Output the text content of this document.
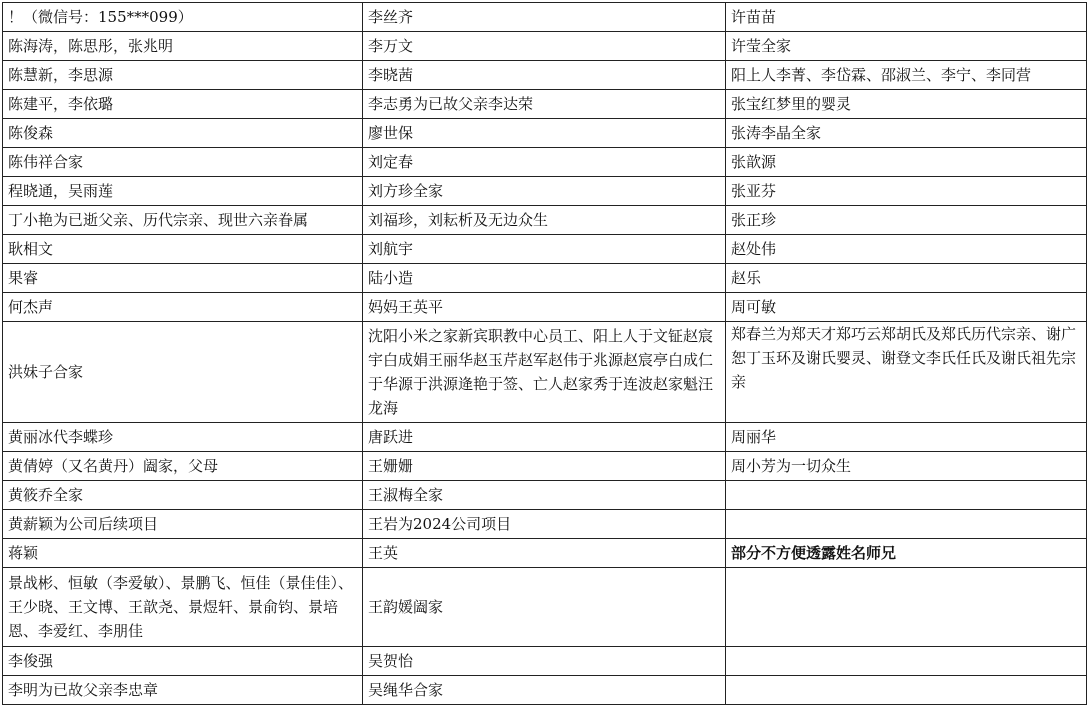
！（微信号：155***099）	李丝齐	许苗苗
陈海涛，陈思彤，张兆明	李万文	许莹全家
陈慧新，李思源	李晓茜	阳上人李菁、李岱霖、邵淑兰、李宁、李同营
陈建平，李依璐	李志勇为已故父亲李达荣	张宝红梦里的婴灵
陈俊森	廖世保	张涛李晶全家
陈伟祥合家	刘定春	张歆源
程晓通，吴雨莲	刘方珍全家	张亚芬
丁小艳为已逝父亲、历代宗亲、现世六亲眷属	刘福珍，刘耘析及无边众生	张正珍
耿相文	刘航宇	赵处伟
果睿	陆小造	赵乐
何杰声	妈妈王英平	周可敏
洪妹子合家	沈阳小米之家新宾职教中心员工、阳上人于文钲赵宸宇白成娟王丽华赵玉芹赵军赵伟于兆源赵宸亭白成仁于华源于洪源逄艳于签、亡人赵家秀于连波赵家魁汪龙海	郑春兰为郑天才郑巧云郑胡氏及郑氏历代宗亲、谢广恕丁玉环及谢氏婴灵、谢登文李氏任氏及谢氏祖先宗亲
黄丽冰代李蝶珍	唐跃进	周丽华
黄倩婷（又名黄丹）阖家，父母	王姗姗	周小芳为一切众生
黄筱乔全家	王淑梅全家	
黄薪颖为公司后续项目	王岩为2024公司项目	
蒋颖	王英	部分不方便透露姓名师兄
景战彬、恒敏（李爱敏）、景鹏飞、恒佳（景佳佳）、王少晓、王文博、王歆尧、景煜轩、景俞钧、景培恩、李爱红、李朋佳	王韵媛阖家	
李俊强	吴贺怡	
李明为已故父亲李忠章	吴绳华合家	
